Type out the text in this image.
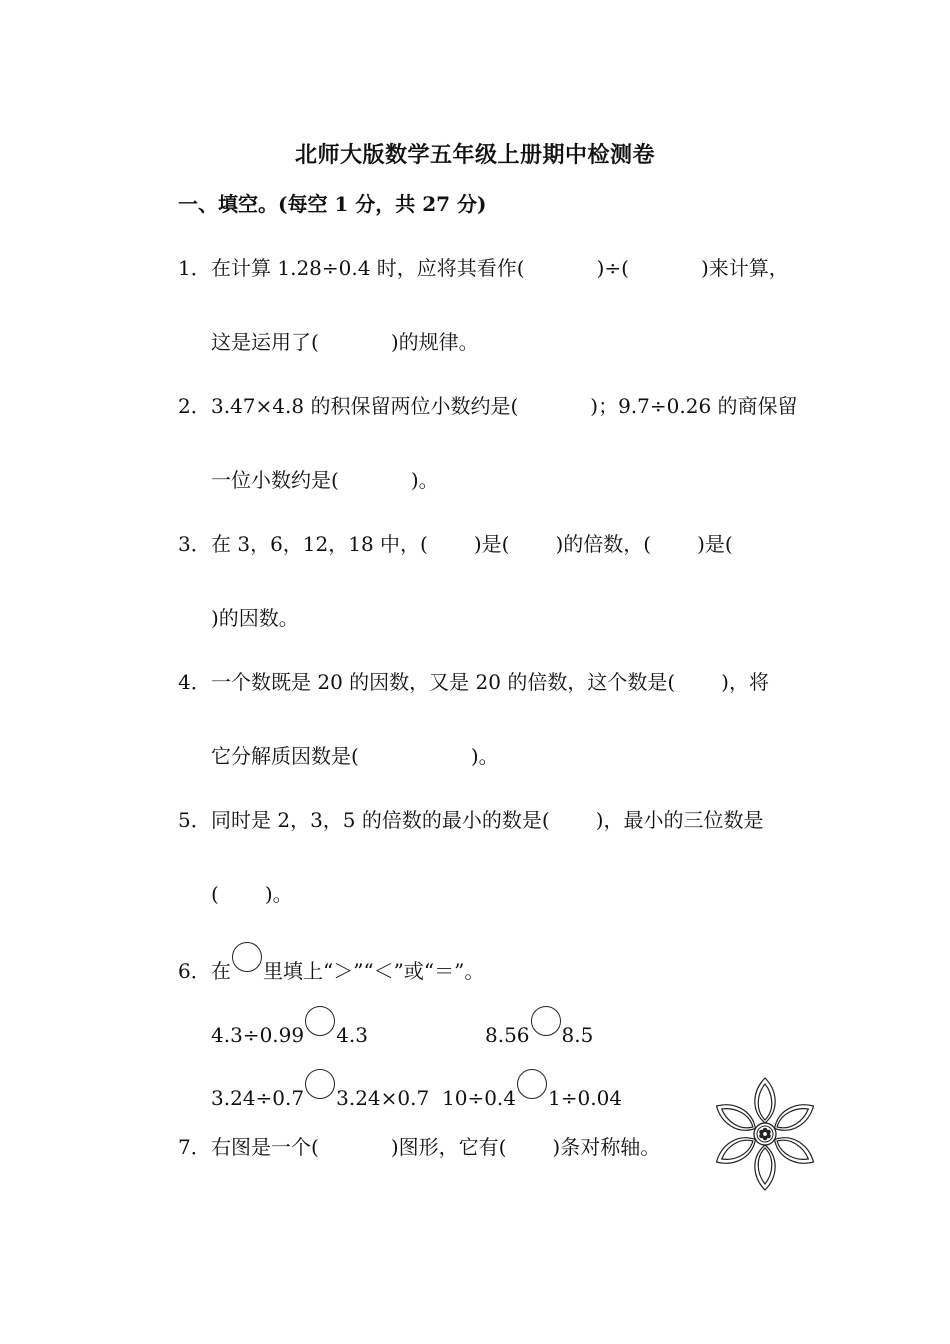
北师大版数学五年级上册期中检测卷
一、填空。(每空 1 分，共 27 分)
1．在计算 1.28÷0.4 时，应将其看作(	)÷(	)来计算，
这是运用了(	)的规律。
2．3.47×4.8 的积保留两位小数约是(	)；9.7÷0.26 的商保留
一位小数约是(	)。
3．在 3，6，12，18 中，( )是( )的倍数，( )是(
)的因数。
4．一个数既是 20 的因数，又是 20 的倍数，这个数是( )，将
它分解质因数是(	)。
5．同时是 2，3，5 的倍数的最小的数是( )，最小的三位数是
( )。
6．在 里填上“＞”“＜”或“＝”。
4.3÷0.99 4.3	8.56 8.5
3.24÷0.7 3.24×0.7 10÷0.4 1÷0.04
7．右图是一个(	)图形，它有( )条对称轴。
